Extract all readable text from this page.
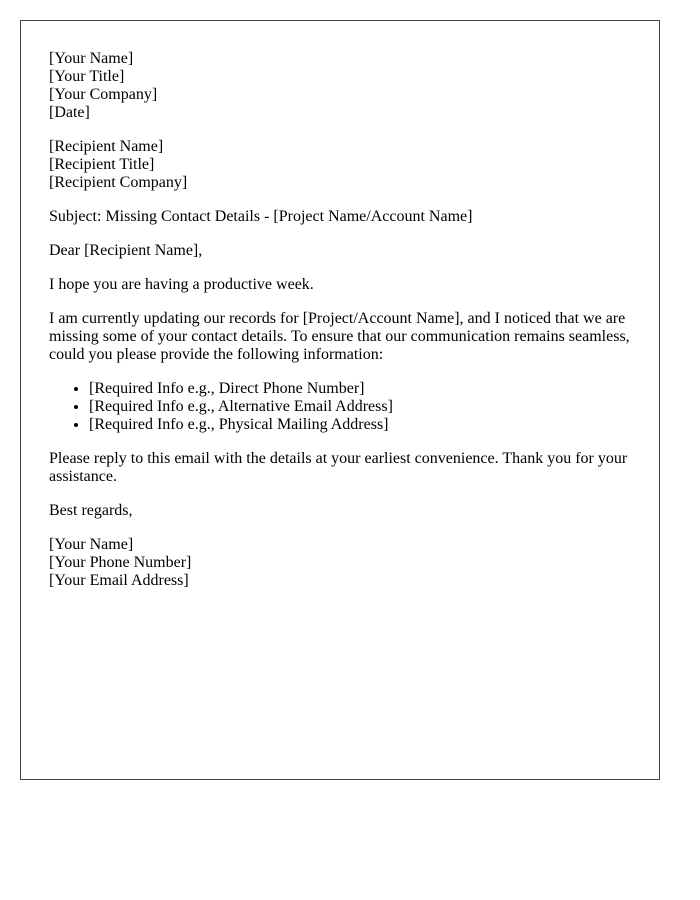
[Your Name]
[Your Title]
[Your Company]
[Date]
[Recipient Name]
[Recipient Title]
[Recipient Company]

Subject: Missing Contact Details - [Project Name/Account Name]

Dear [Recipient Name],

I hope you are having a productive week.

I am currently updating our records for [Project/Account Name], and I noticed that we are missing some of your contact details. To ensure that our communication remains seamless, could you please provide the following information:

• [Required Info e.g., Direct Phone Number]
• [Required Info e.g., Alternative Email Address]
• [Required Info e.g., Physical Mailing Address]

Please reply to this email with the details at your earliest convenience. Thank you for your assistance.

Best regards,

[Your Name]
[Your Phone Number]
[Your Email Address]
